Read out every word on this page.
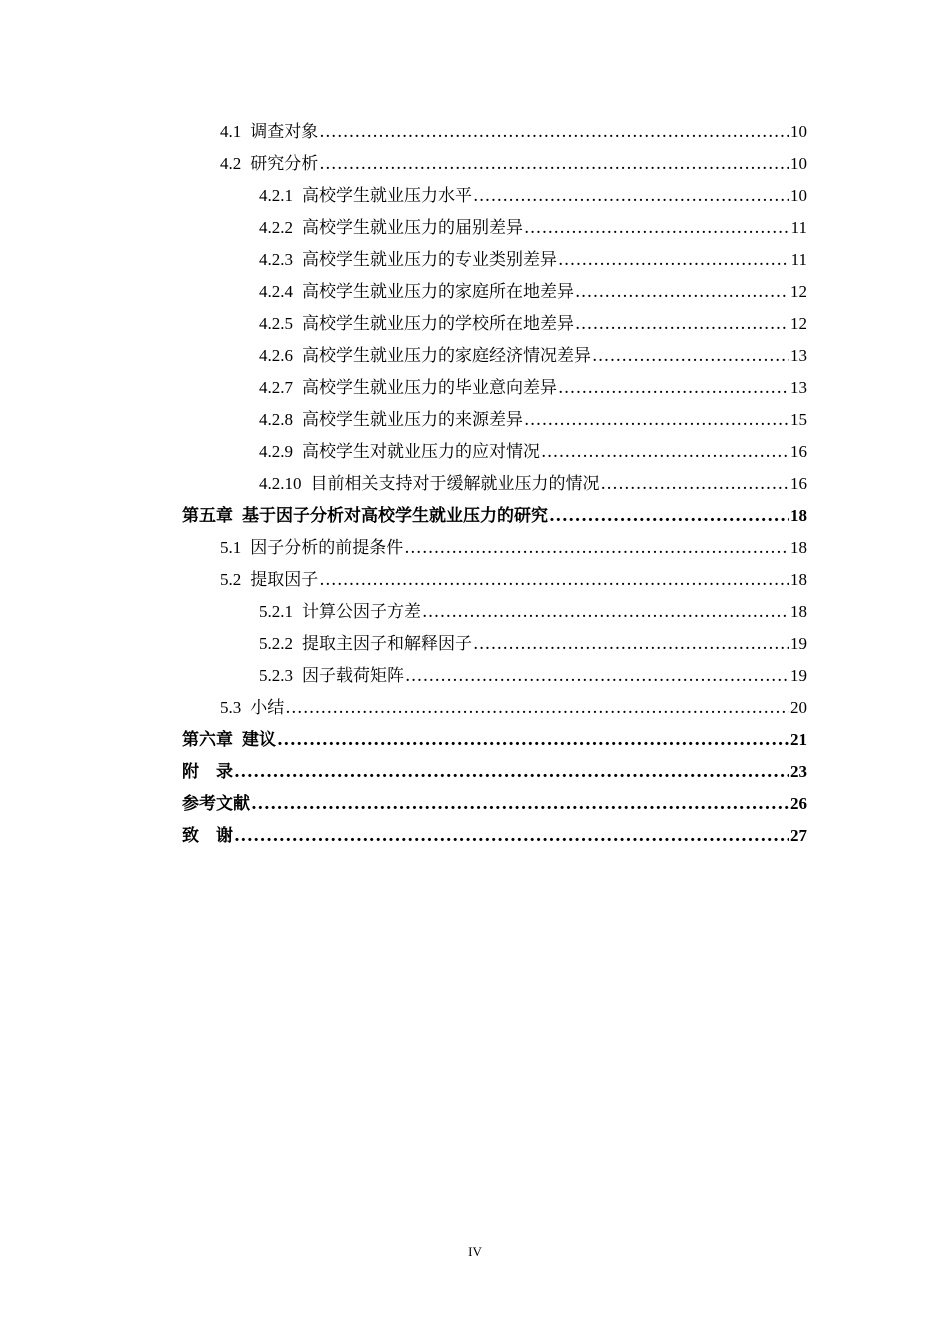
4.1 调查对象 .....	10
4.2 研究分析 .....	10
4.2.1 高校学生就业压力水平 .....	10
4.2.2 高校学生就业压力的届别差异 .....	11
4.2.3 高校学生就业压力的专业类别差异 .....	11
4.2.4 高校学生就业压力的家庭所在地差异 .....	12
4.2.5 高校学生就业压力的学校所在地差异 .....	12
4.2.6 高校学生就业压力的家庭经济情况差异 .....	13
4.2.7 高校学生就业压力的毕业意向差异 .....	13
4.2.8 高校学生就业压力的来源差异 .....	15
4.2.9 高校学生对就业压力的应对情况 .....	16
4.2.10 目前相关支持对于缓解就业压力的情况 .....	16
第五章 基于因子分析对高校学生就业压力的研究 .....	18
5.1 因子分析的前提条件 .....	18
5.2 提取因子 .....	18
5.2.1 计算公因子方差 .....	18
5.2.2 提取主因子和解释因子 .....	19
5.2.3 因子载荷矩阵 .....	19
5.3 小结 .....	20
第六章 建议 .....	21
附　录 .....	23
参考文献 .....	26
致　谢 .....	27
IV
